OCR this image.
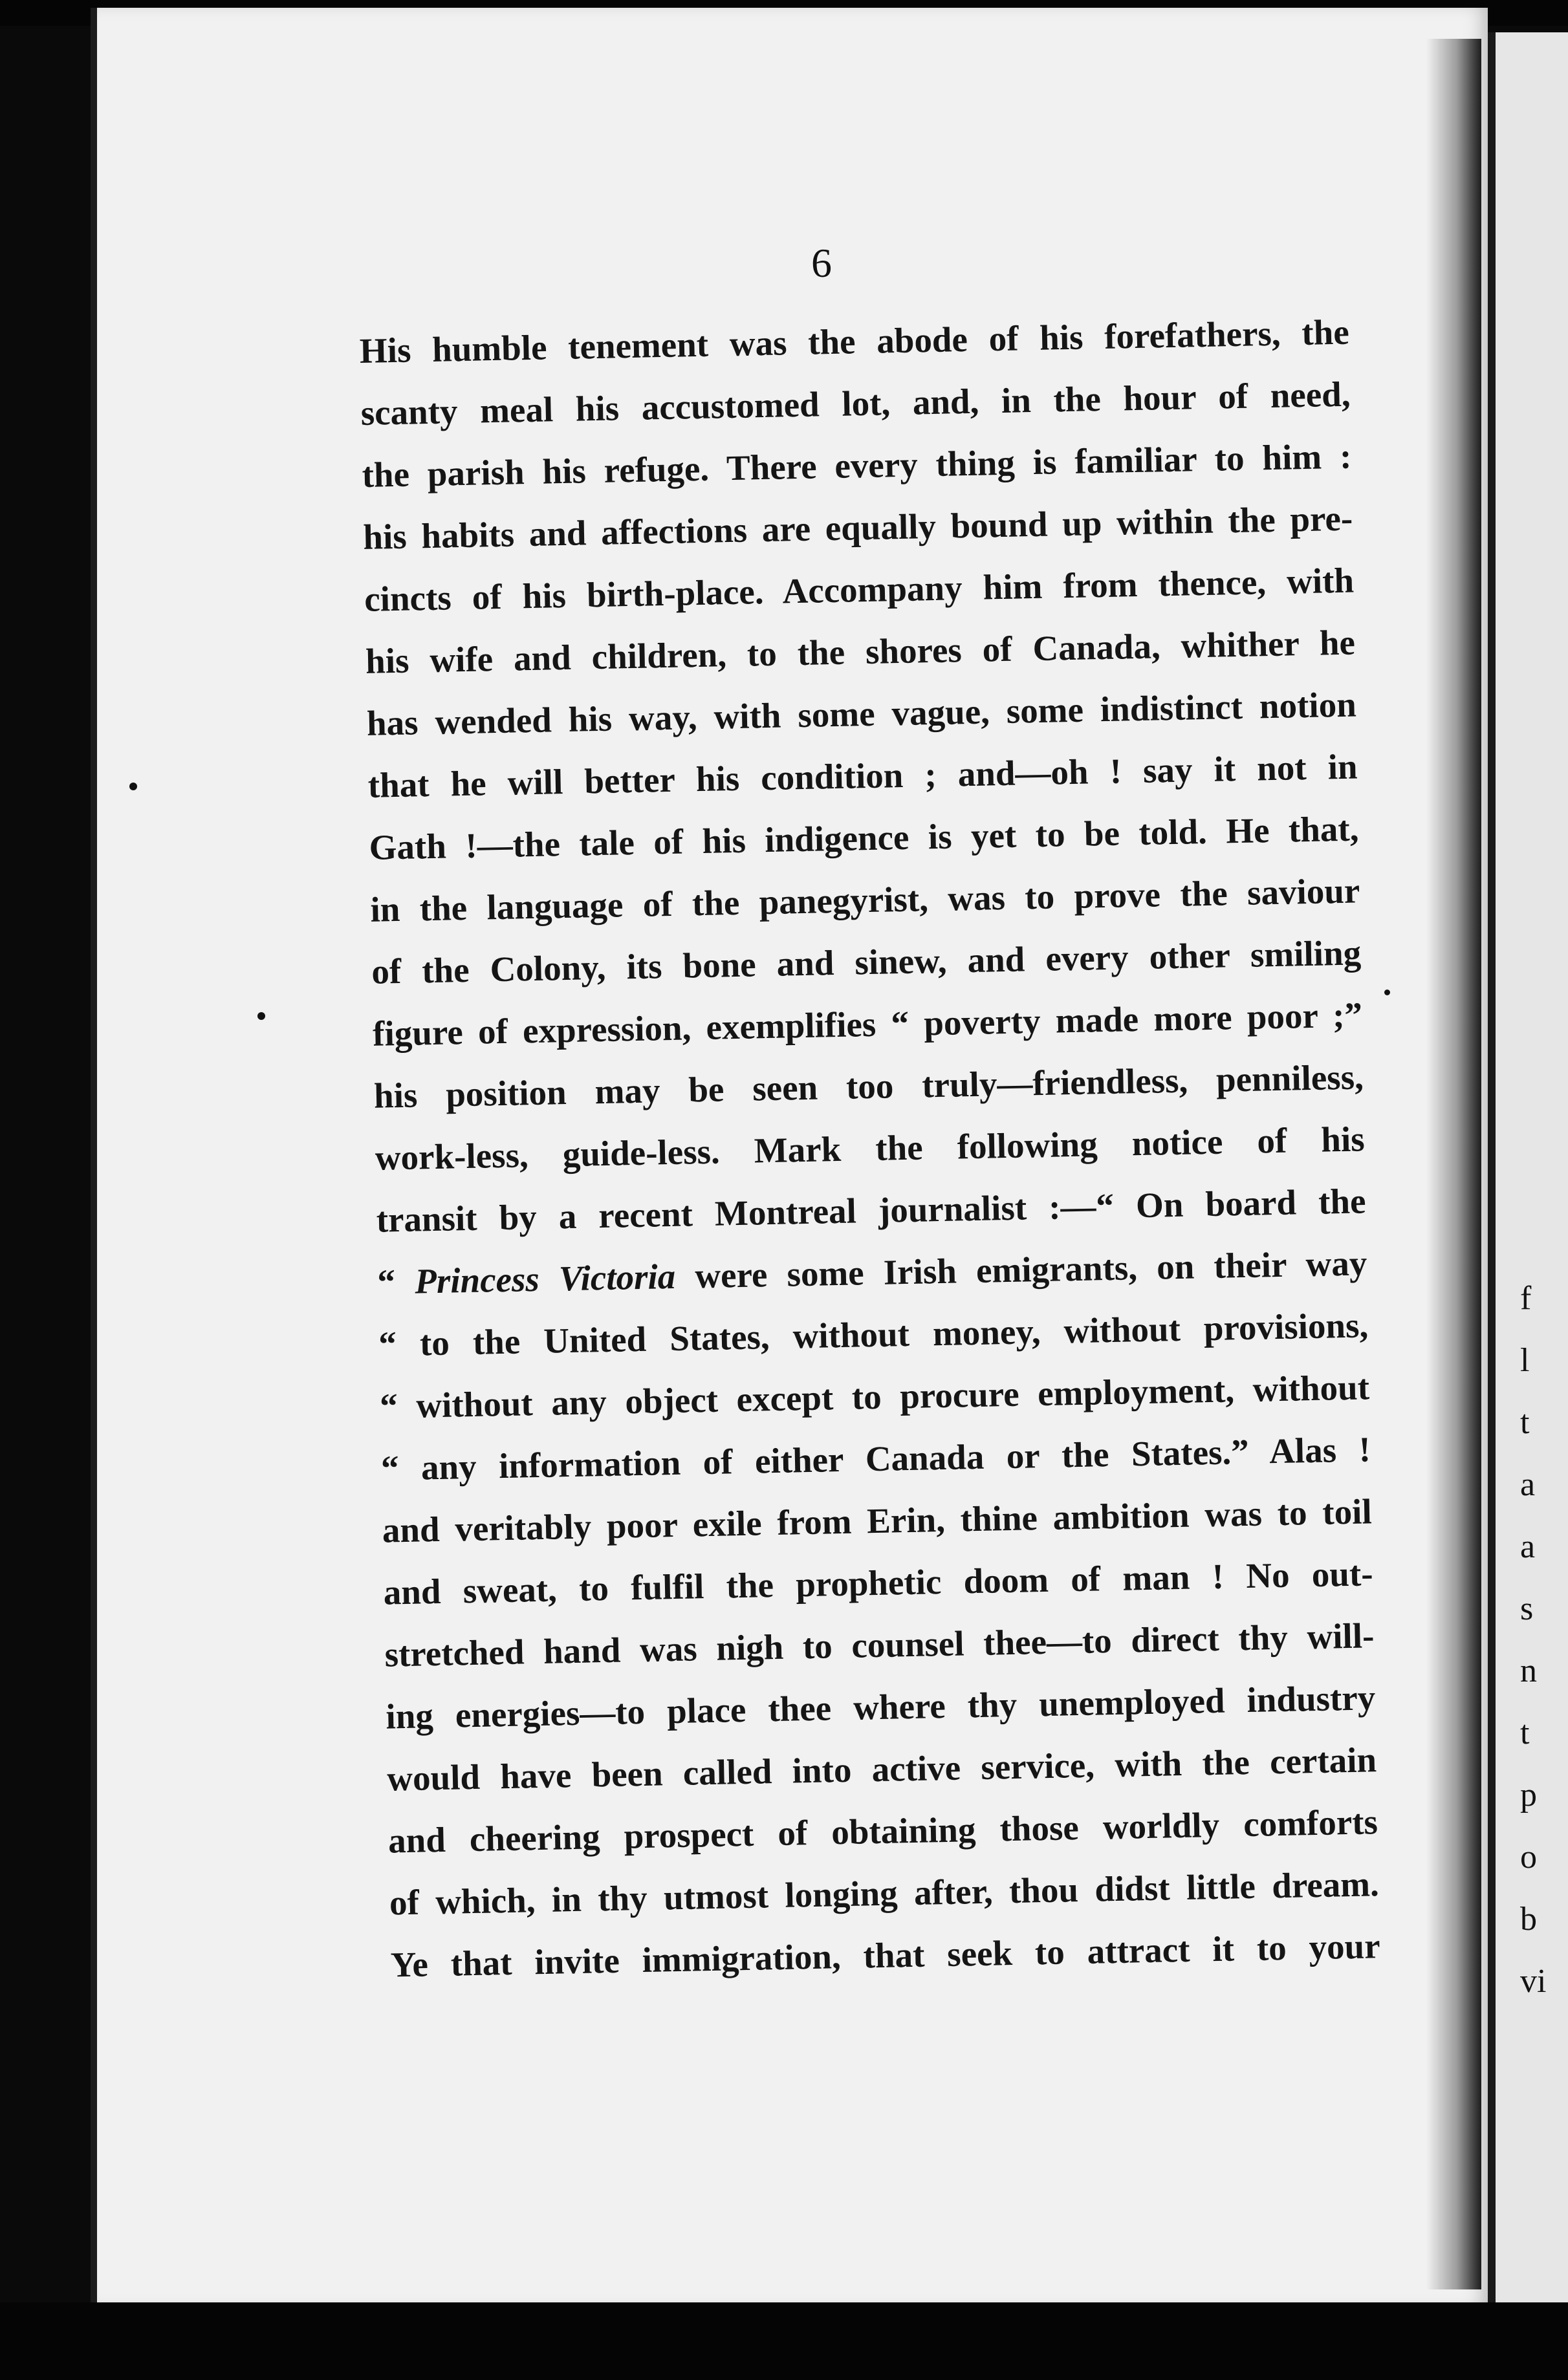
f
l
t
a
a
s
n
t
p
o
b
vi
6
His humble tenement was the abode of his forefathers, the
scanty meal his accustomed lot, and, in the hour of need,
the parish his refuge. There every thing is familiar to him :
his habits and affections are equally bound up within the pre-
cincts of his birth-place. Accompany him from thence, with
his wife and children, to the shores of Canada, whither he
has wended his way, with some vague, some indistinct notion
that he will better his condition ; and—oh ! say it not in
Gath !—the tale of his indigence is yet to be told. He that,
in the language of the panegyrist, was to prove the saviour
of the Colony, its bone and sinew, and every other smiling
figure of expression, exemplifies “ poverty made more poor ;”
his position may be seen too truly—friendless, penniless,
work-less, guide-less. Mark the following notice of his
transit by a recent Montreal journalist :—“ On board the
“ Princess Victoria were some Irish emigrants, on their way
“ to the United States, without money, without provisions,
“ without any object except to procure employment, without
“ any information of either Canada or the States.” Alas !
and veritably poor exile from Erin, thine ambition was to toil
and sweat, to fulfil the prophetic doom of man ! No out-
stretched hand was nigh to counsel thee—to direct thy will-
ing energies—to place thee where thy unemployed industry
would have been called into active service, with the certain
and cheering prospect of obtaining those worldly comforts
of which, in thy utmost longing after, thou didst little dream.
Ye that invite immigration, that seek to attract it to your
